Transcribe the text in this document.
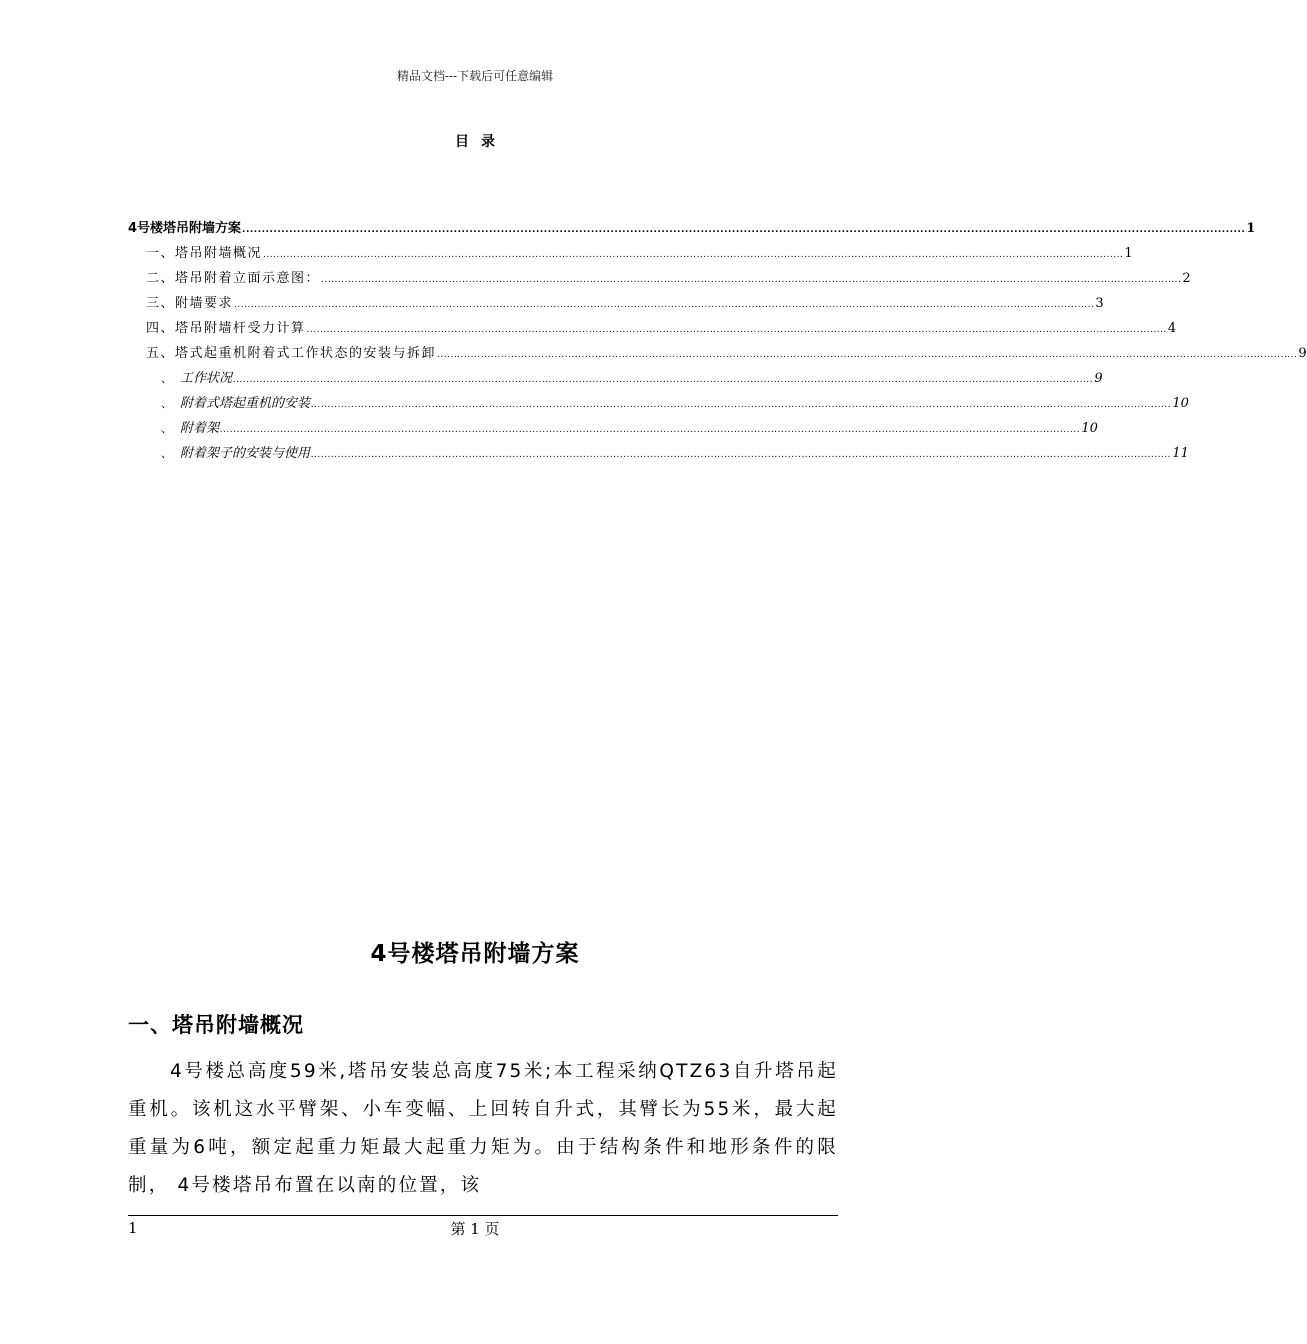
精品文档---下载后可任意编辑
目录
4号楼塔吊附墙方案 ................................................................................................................................................................................................................................................................ 1
一、塔吊附墙概况 ................................................................................................................................................................................................................................................................ 1
二、塔吊附着立面示意图： ................................................................................................................................................................................................................................................................ 2
三、附墙要求 ................................................................................................................................................................................................................................................................ 3
四、塔吊附墙杆受力计算 ................................................................................................................................................................................................................................................................ 4
五、塔式起重机附着式工作状态的安装与拆卸 ................................................................................................................................................................................................................................................................ 9
、 工作状况 ................................................................................................................................................................................................................................................................ 9
、 附着式塔起重机的安装 ................................................................................................................................................................................................................................................................ 10
、 附着架 ................................................................................................................................................................................................................................................................ 10
、 附着架子的安装与使用 ................................................................................................................................................................................................................................................................ 11
4号楼塔吊附墙方案
一、塔吊附墙概况
4号楼总高度59米,塔吊安装总高度75米;本工程采纳QTZ63自升塔吊起重机。该机这水平臂架、小车变幅、上回转自升式，其臂长为55米，最大起重量为6吨，额定起重力矩最大起重力矩为。由于结构条件和地形条件的限制， 4号楼塔吊布置在以南的位置，该
1	第 1 页
